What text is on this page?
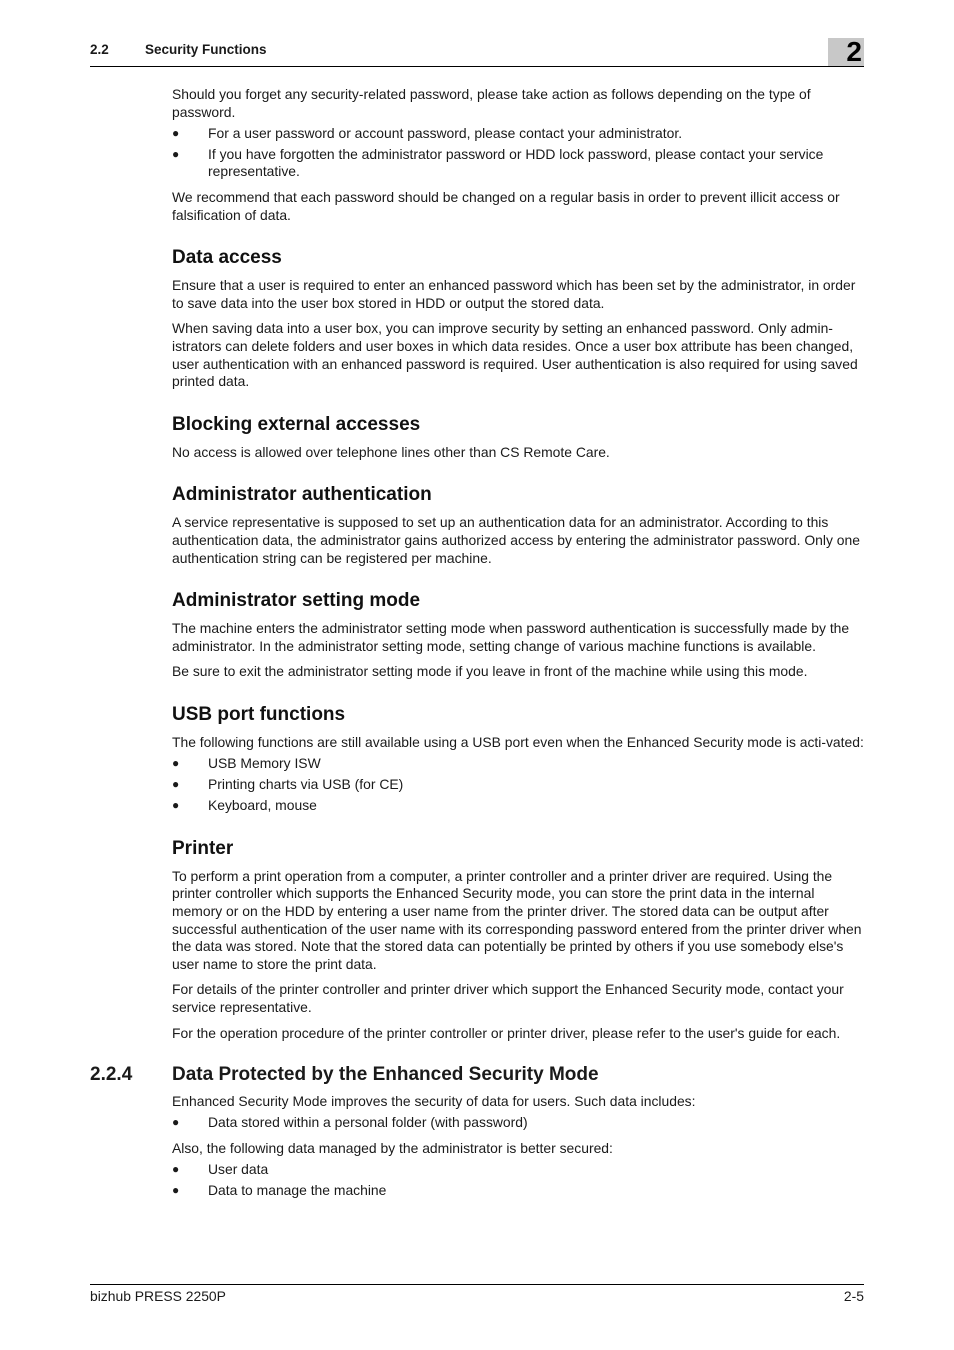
2.2	Security Functions	2

Should you forget any security-related password, please take action as follows depending on the type of password.

● For a user password or account password, please contact your administrator.
● If you have forgotten the administrator password or HDD lock password, please contact your service representative.

We recommend that each password should be changed on a regular basis in order to prevent illicit access or falsification of data.

Data access

Ensure that a user is required to enter an enhanced password which has been set by the administrator, in order to save data into the user box stored in HDD or output the stored data.

When saving data into a user box, you can improve security by setting an enhanced password. Only admin-istrators can delete folders and user boxes in which data resides. Once a user box attribute has been changed, user authentication with an enhanced password is required. User authentication is also required for using saved printed data.

Blocking external accesses

No access is allowed over telephone lines other than CS Remote Care.

Administrator authentication

A service representative is supposed to set up an authentication data for an administrator. According to this authentication data, the administrator gains authorized access by entering the administrator password. Only one authentication string can be registered per machine.

Administrator setting mode

The machine enters the administrator setting mode when password authentication is successfully made by the administrator. In the administrator setting mode, setting change of various machine functions is available.

Be sure to exit the administrator setting mode if you leave in front of the machine while using this mode.

USB port functions

The following functions are still available using a USB port even when the Enhanced Security mode is acti-vated:

● USB Memory ISW
● Printing charts via USB (for CE)
● Keyboard, mouse
Printer

To perform a print operation from a computer, a printer controller and a printer driver are required. Using the printer controller which supports the Enhanced Security mode, you can store the print data in the internal memory or on the HDD by entering a user name from the printer driver. The stored data can be output after successful authentication of the user name with its corresponding password entered from the printer driver when the data was stored. Note that the stored data can potentially be printed by others if you use somebody else's user name to store the print data.

For details of the printer controller and printer driver which support the Enhanced Security mode, contact your service representative.

For the operation procedure of the printer controller or printer driver, please refer to the user's guide for each.

2.2.4 Data Protected by the Enhanced Security Mode

Enhanced Security Mode improves the security of data for users. Such data includes:

● Data stored within a personal folder (with password)

Also, the following data managed by the administrator is better secured:

● User data
● Data to manage the machine
bizhub PRESS 2250P	2-5
